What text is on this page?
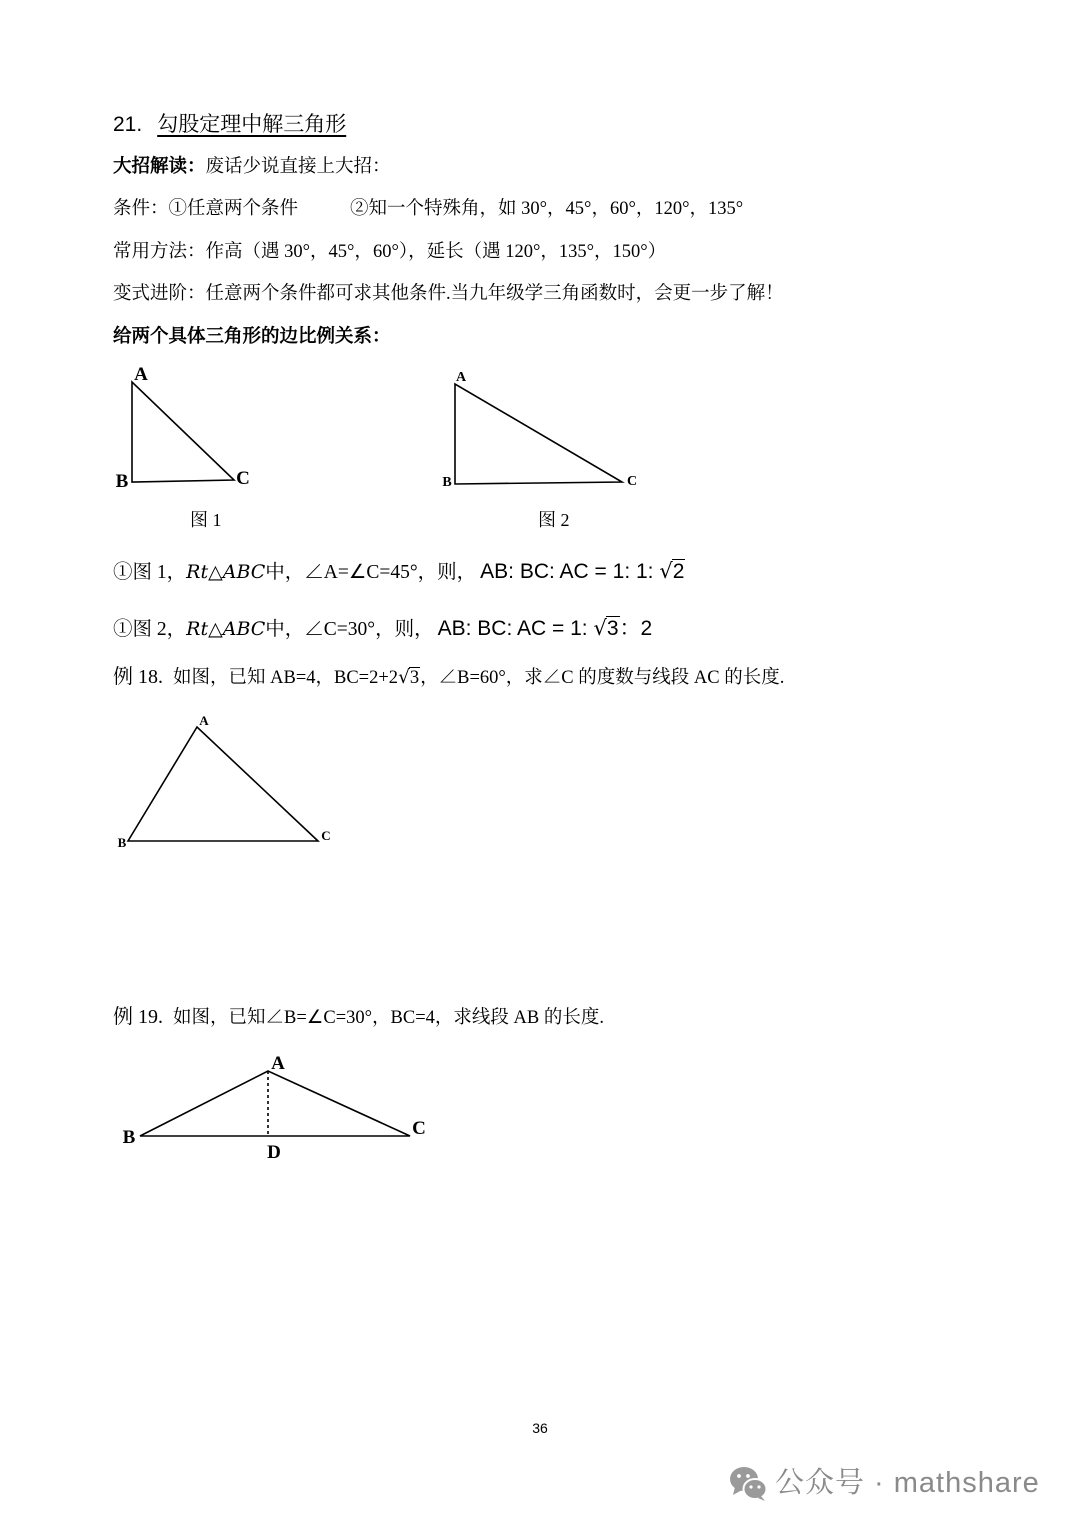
21. 勾股定理中解三角形
大招解读：废话少说直接上大招：
条件：①任意两个条件	②知一个特殊角，如 30°，45°，60°，120°，135°
常用方法：作高（遇 30°，45°，60°），延长（遇 120°，135°，150°）
变式进阶：任意两个条件都可求其他条件.当九年级学三角函数时，会更一步了解！
给两个具体三角形的边比例关系：
A
B	C
图 1
A
B	C
图 2
①图 1，Rt△ABC中，∠A=∠C=45°，则， AB: BC: AC = 1: 1: √2
①图 2，Rt△ABC中，∠C=30°，则， AB: BC: AC = 1: √3：2
例 18. 如图，已知 AB=4，BC=2+2√3，∠B=60°，求∠C 的度数与线段 AC 的长度.
A
B	C
例 19. 如图，已知∠B=∠C=30°，BC=4，求线段 AB 的长度.
A
B	C
D
36
公众号 · mathshare
